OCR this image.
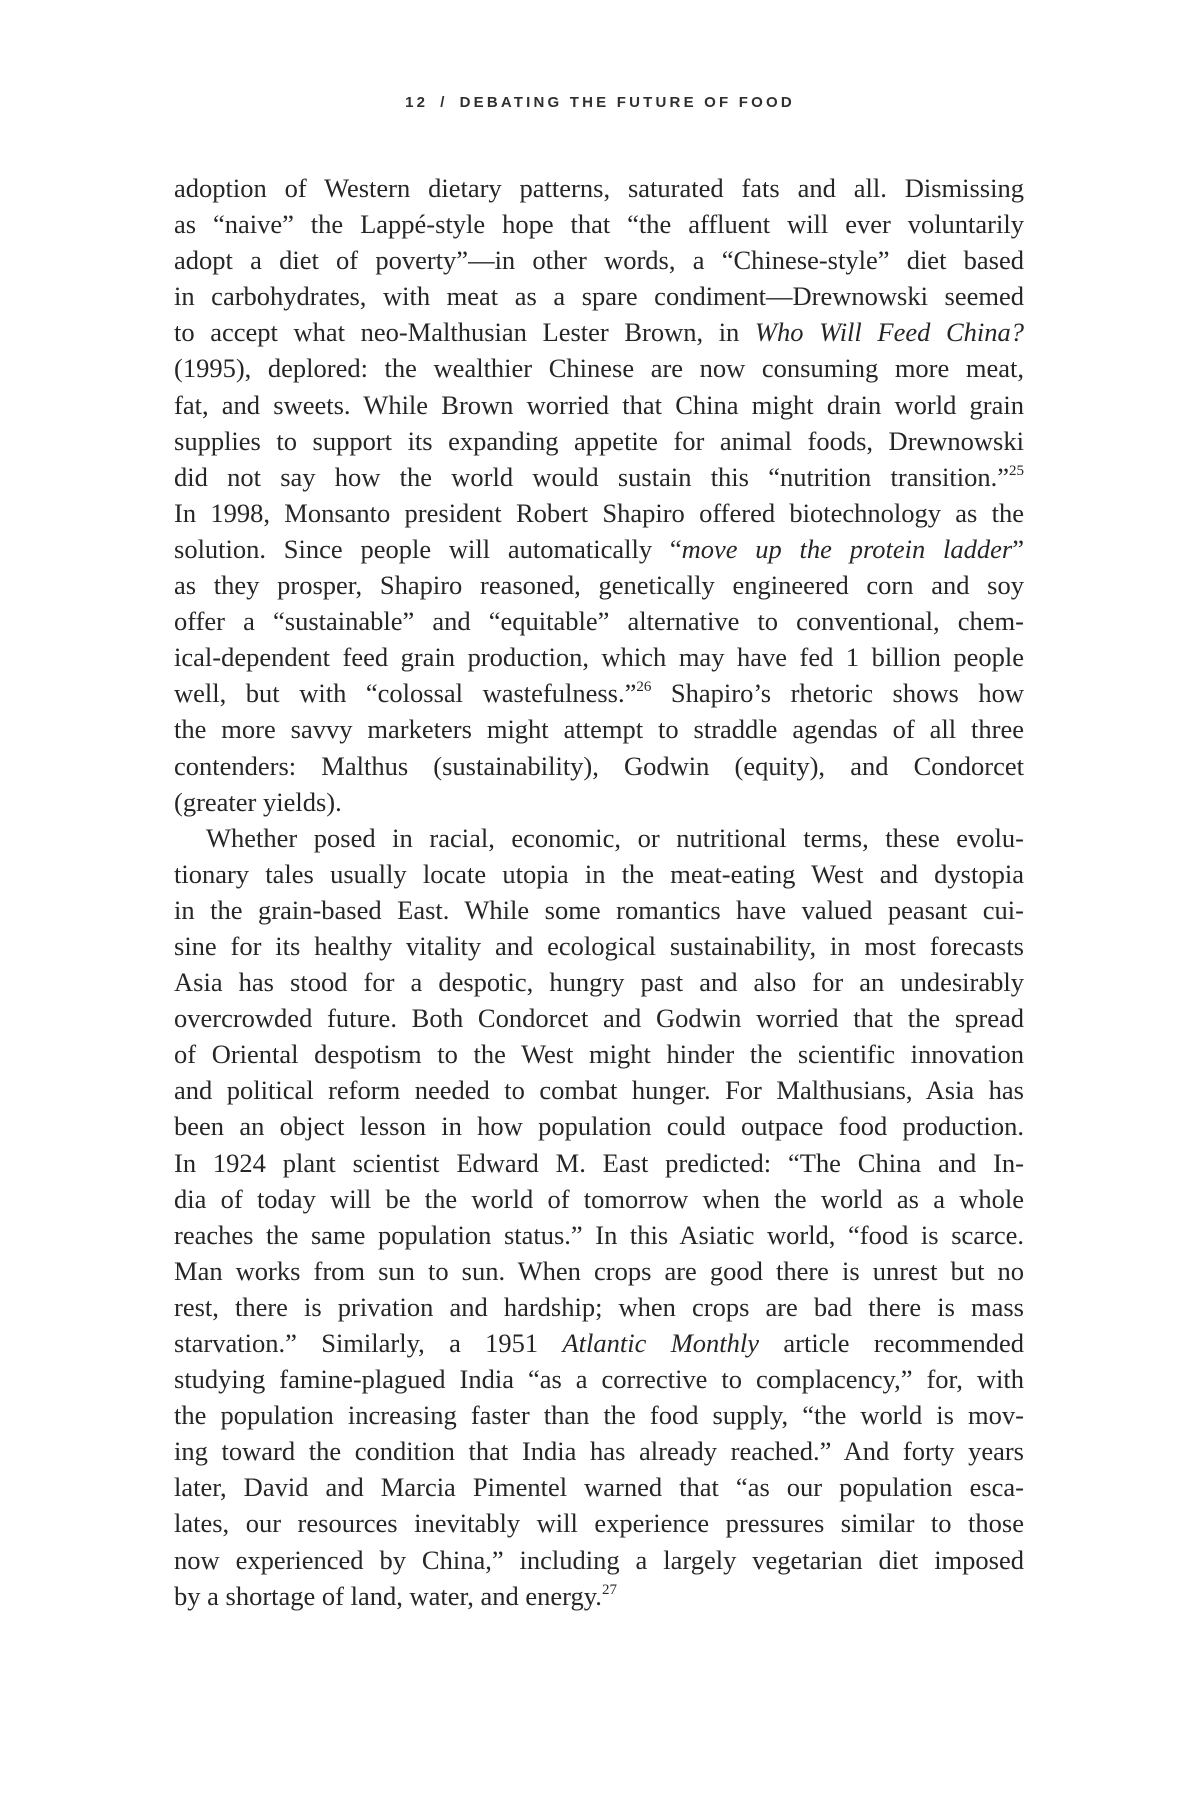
12 / DEBATING THE FUTURE OF FOOD
adoption of Western dietary patterns, saturated fats and all. Dismissing
as “naive” the Lappé-style hope that “the affluent will ever voluntarily
adopt a diet of poverty”—in other words, a “Chinese-style” diet based
in carbohydrates, with meat as a spare condiment—Drewnowski seemed
to accept what neo-Malthusian Lester Brown, in Who Will Feed China?
(1995), deplored: the wealthier Chinese are now consuming more meat,
fat, and sweets. While Brown worried that China might drain world grain
supplies to support its expanding appetite for animal foods, Drewnowski
did not say how the world would sustain this “nutrition transition.”$^{25}$
In 1998, Monsanto president Robert Shapiro offered biotechnology as the
solution. Since people will automatically “move up the protein ladder”
as they prosper, Shapiro reasoned, genetically engineered corn and soy
offer a “sustainable” and “equitable” alternative to conventional, chem-
ical-dependent feed grain production, which may have fed 1 billion people
well, but with “colossal wastefulness.”$^{26}$ Shapiro’s rhetoric shows how
the more savvy marketers might attempt to straddle agendas of all three
contenders: Malthus (sustainability), Godwin (equity), and Condorcet
(greater yields).
Whether posed in racial, economic, or nutritional terms, these evolu-
tionary tales usually locate utopia in the meat-eating West and dystopia
in the grain-based East. While some romantics have valued peasant cui-
sine for its healthy vitality and ecological sustainability, in most forecasts
Asia has stood for a despotic, hungry past and also for an undesirably
overcrowded future. Both Condorcet and Godwin worried that the spread
of Oriental despotism to the West might hinder the scientific innovation
and political reform needed to combat hunger. For Malthusians, Asia has
been an object lesson in how population could outpace food production.
In 1924 plant scientist Edward M. East predicted: “The China and In-
dia of today will be the world of tomorrow when the world as a whole
reaches the same population status.” In this Asiatic world, “food is scarce.
Man works from sun to sun. When crops are good there is unrest but no
rest, there is privation and hardship; when crops are bad there is mass
starvation.” Similarly, a 1951 Atlantic Monthly article recommended
studying famine-plagued India “as a corrective to complacency,” for, with
the population increasing faster than the food supply, “the world is mov-
ing toward the condition that India has already reached.” And forty years
later, David and Marcia Pimentel warned that “as our population esca-
lates, our resources inevitably will experience pressures similar to those
now experienced by China,” including a largely vegetarian diet imposed
by a shortage of land, water, and energy.$^{27}$
